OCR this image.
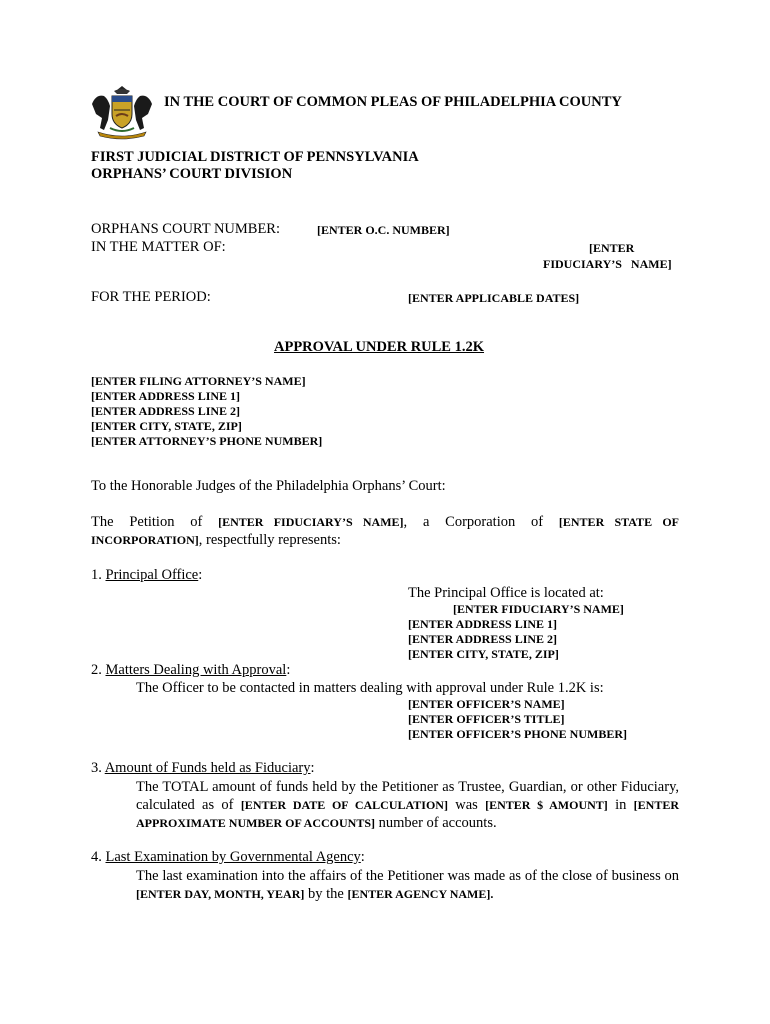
IN THE COURT OF COMMON PLEAS OF PHILADELPHIA COUNTY
FIRST JUDICIAL DISTRICT OF PENNSYLVANIA
ORPHANS’ COURT DIVISION
ORPHANS COURT NUMBER:	[ENTER O.C. NUMBER]
IN THE MATTER OF:	[ENTER
FIDUCIARY’S   NAME]
FOR THE PERIOD:	[ENTER APPLICABLE DATES]
APPROVAL UNDER RULE 1.2K
[ENTER FILING ATTORNEY’S NAME]
[ENTER ADDRESS LINE 1]
[ENTER ADDRESS LINE 2]
[ENTER CITY, STATE, ZIP]
[ENTER ATTORNEY’S PHONE NUMBER]
To the Honorable Judges of the Philadelphia Orphans’ Court:
The  Petition  of  [ENTER FIDUCIARY’S NAME],  a  Corporation  of  [ENTER STATE OF INCORPORATION], respectfully represents:
1. Principal Office:
The Principal Office is located at:
[ENTER FIDUCIARY’S NAME]
[ENTER ADDRESS LINE 1]
[ENTER ADDRESS LINE 2]
[ENTER CITY, STATE, ZIP]
2. Matters Dealing with Approval:
The Officer to be contacted in matters dealing with approval under Rule 1.2K is:
[ENTER OFFICER’S NAME]
[ENTER OFFICER’S TITLE]
[ENTER OFFICER’S PHONE NUMBER]
3. Amount of Funds held as Fiduciary:
The TOTAL amount of funds held by the Petitioner as Trustee, Guardian, or other Fiduciary, calculated as of [ENTER DATE OF CALCULATION] was [ENTER $ AMOUNT] in [ENTER APPROXIMATE NUMBER OF ACCOUNTS] number of accounts.
4. Last Examination by Governmental Agency:
The last examination into the affairs of the Petitioner was made as of the close of business on [ENTER DAY, MONTH, YEAR] by the [ENTER AGENCY NAME].
